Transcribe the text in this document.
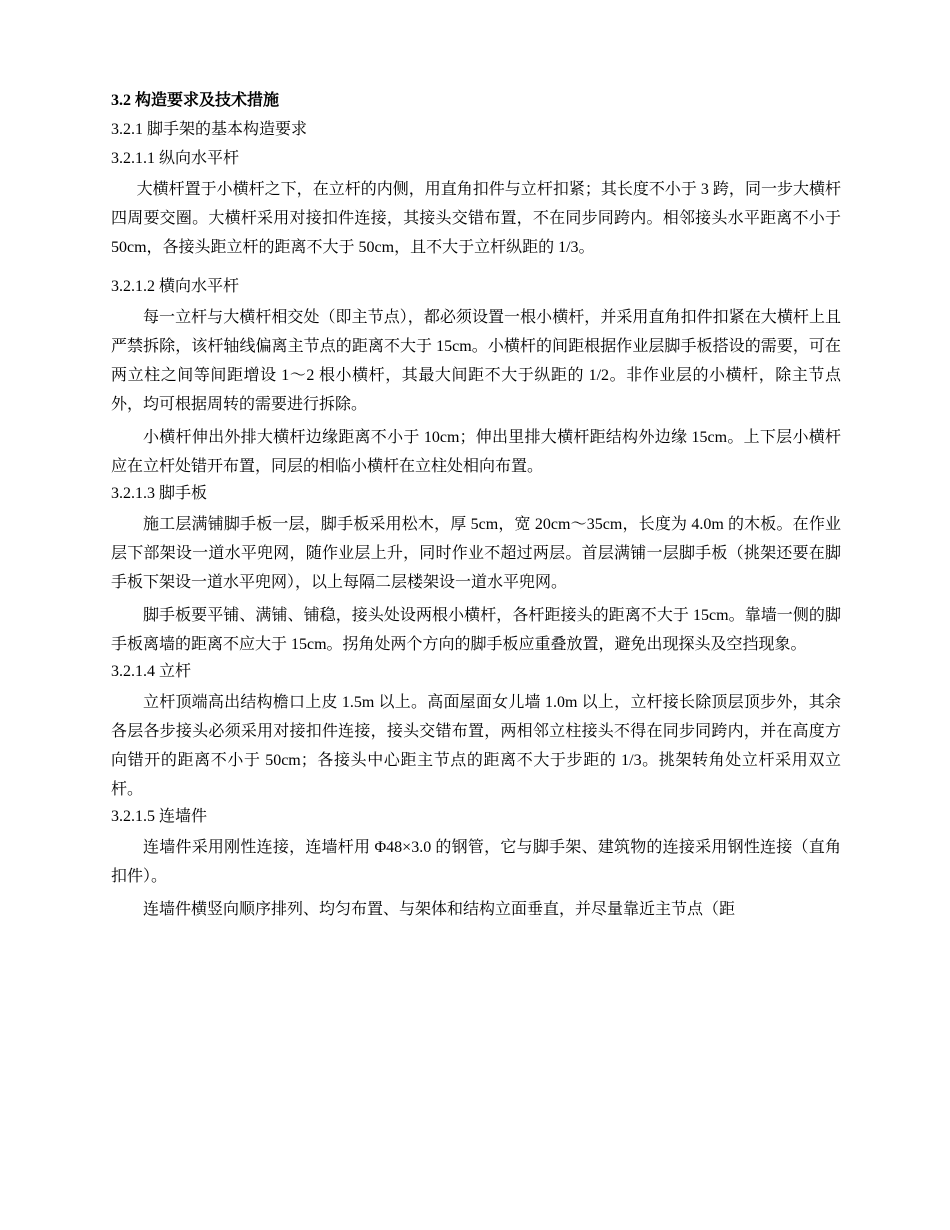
3.2 构造要求及技术措施
3.2.1 脚手架的基本构造要求
3.2.1.1 纵向水平杆

大横杆置于小横杆之下，在立杆的内侧，用直角扣件与立杆扣紧；其长度不小于 3 跨，同一步大横杆四周要交圈。大横杆采用对接扣件连接，其接头交错布置，不在同步同跨内。相邻接头水平距离不小于 50cm，各接头距立杆的距离不大于 50cm，且不大于立杆纵距的 1/3。

3.2.1.2 横向水平杆

每一立杆与大横杆相交处（即主节点），都必须设置一根小横杆，并采用直角扣件扣紧在大横杆上且严禁拆除，该杆轴线偏离主节点的距离不大于 15cm。小横杆的间距根据作业层脚手板搭设的需要，可在两立柱之间等间距增设 1～2 根小横杆，其最大间距不大于纵距的 1/2。非作业层的小横杆，除主节点外，均可根据周转的需要进行拆除。

小横杆伸出外排大横杆边缘距离不小于 10cm；伸出里排大横杆距结构外边缘 15cm。上下层小横杆应在立杆处错开布置，同层的相临小横杆在立柱处相向布置。

3.2.1.3 脚手板

施工层满铺脚手板一层，脚手板采用松木，厚 5cm，宽 20cm～35cm，长度为 4.0m 的木板。在作业层下部架设一道水平兜网，随作业层上升，同时作业不超过两层。首层满铺一层脚手板（挑架还要在脚手板下架设一道水平兜网），以上每隔二层楼架设一道水平兜网。

脚手板要平铺、满铺、铺稳，接头处设两根小横杆，各杆距接头的距离不大于 15cm。靠墙一侧的脚手板离墙的距离不应大于 15cm。拐角处两个方向的脚手板应重叠放置，避免出现探头及空挡现象。

3.2.1.4 立杆

立杆顶端高出结构檐口上皮 1.5m 以上。高面屋面女儿墙 1.0m 以上，立杆接长除顶层顶步外，其余各层各步接头必须采用对接扣件连接，接头交错布置，两相邻立柱接头不得在同步同跨内，并在高度方向错开的距离不小于 50cm；各接头中心距主节点的距离不大于步距的 1/3。挑架转角处立杆采用双立杆。

3.2.1.5 连墙件

连墙件采用刚性连接，连墙杆用 Φ48×3.0 的钢管，它与脚手架、建筑物的连接采用钢性连接（直角扣件）。

连墙件横竖向顺序排列、均匀布置、与架体和结构立面垂直，并尽量靠近主节点（距
